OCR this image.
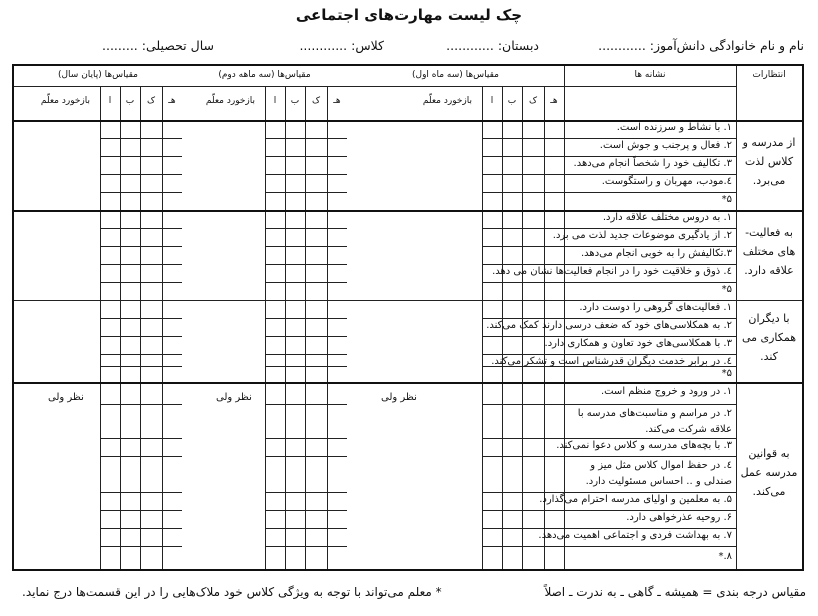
چک لیست مهارت‌های اجتماعی
نام و نام خانوادگی دانش‌آموز: ............
دبستان: ............
کلاس: ............
سال تحصیلی: .........
انتظارات
نشانه ها
مقیاس‌ها (سه ماه اول)
هـ
ک
ب
ا
بازخورد معلّم
نظر ولی
مقیاس‌ها (سه ماهه دوم)
هـ
ک
ب
ا
بازخورد معلّم
نظر ولی
مقیاس‌ها (پایان سال)
هـ
ک
ب
ا
بازخورد معلّم
نظر ولی
از مدرسه و کلاس لذت می‌برد.
۱. با نشاط و سرزنده است.
۲. فعال و پرجنب و جوش است.
۳. تکالیف خود را شخصاً انجام می‌دهد.
٤.مودب، مهربان و راستگوست.
۵*
به فعالیت‌-های مختلف علاقه دارد.
۱. به دروس مختلف علاقه دارد.
۲. از یادگیری موضوعات جدید لذت می برد.
۳.تکالیفش را به خوبی انجام می‌دهد.
٤. ذوق و خلاقیت خود را در انجام فعالیت‌ها نشان می دهد.
۵*
با دیگران همکاری می کند.
۱. فعالیت‌های گروهی را دوست دارد.
۲. به همکلاسی‌های خود که ضعف درسی دارند کمک می‌کند.
۳. با همکلاسی‌های خود تعاون و همکاری دارد.
٤. در برابر خدمت دیگران قدرشناس است و تشکر می‌کند.
۵*
به قوانین مدرسه عمل می‌کند.
۱. در ورود و خروج منظم است.
۲. در مراسم و مناسبت‌های مدرسه با علاقه شرکت می‌کند.
۳. با بچه‌های مدرسه و کلاس دعوا نمی‌کند.
٤. در حفظ اموال کلاس مثل میز و صندلی و .. احساس مسئولیت دارد.
۵. به معلمین و اولیای مدرسه احترام می‌گذارد.
۶. روحیه عذرخواهی دارد.
۷. به بهداشت فردی و اجتماعی اهمیت می‌دهد.
۸.*
مقیاس درجه بندی = همیشه ـ گاهی ـ به ندرت ـ اصلاً
* معلم می‌تواند با توجه به ویژگی کلاس خود ملاک‌هایی را در این قسمت‌ها درج نماید.
